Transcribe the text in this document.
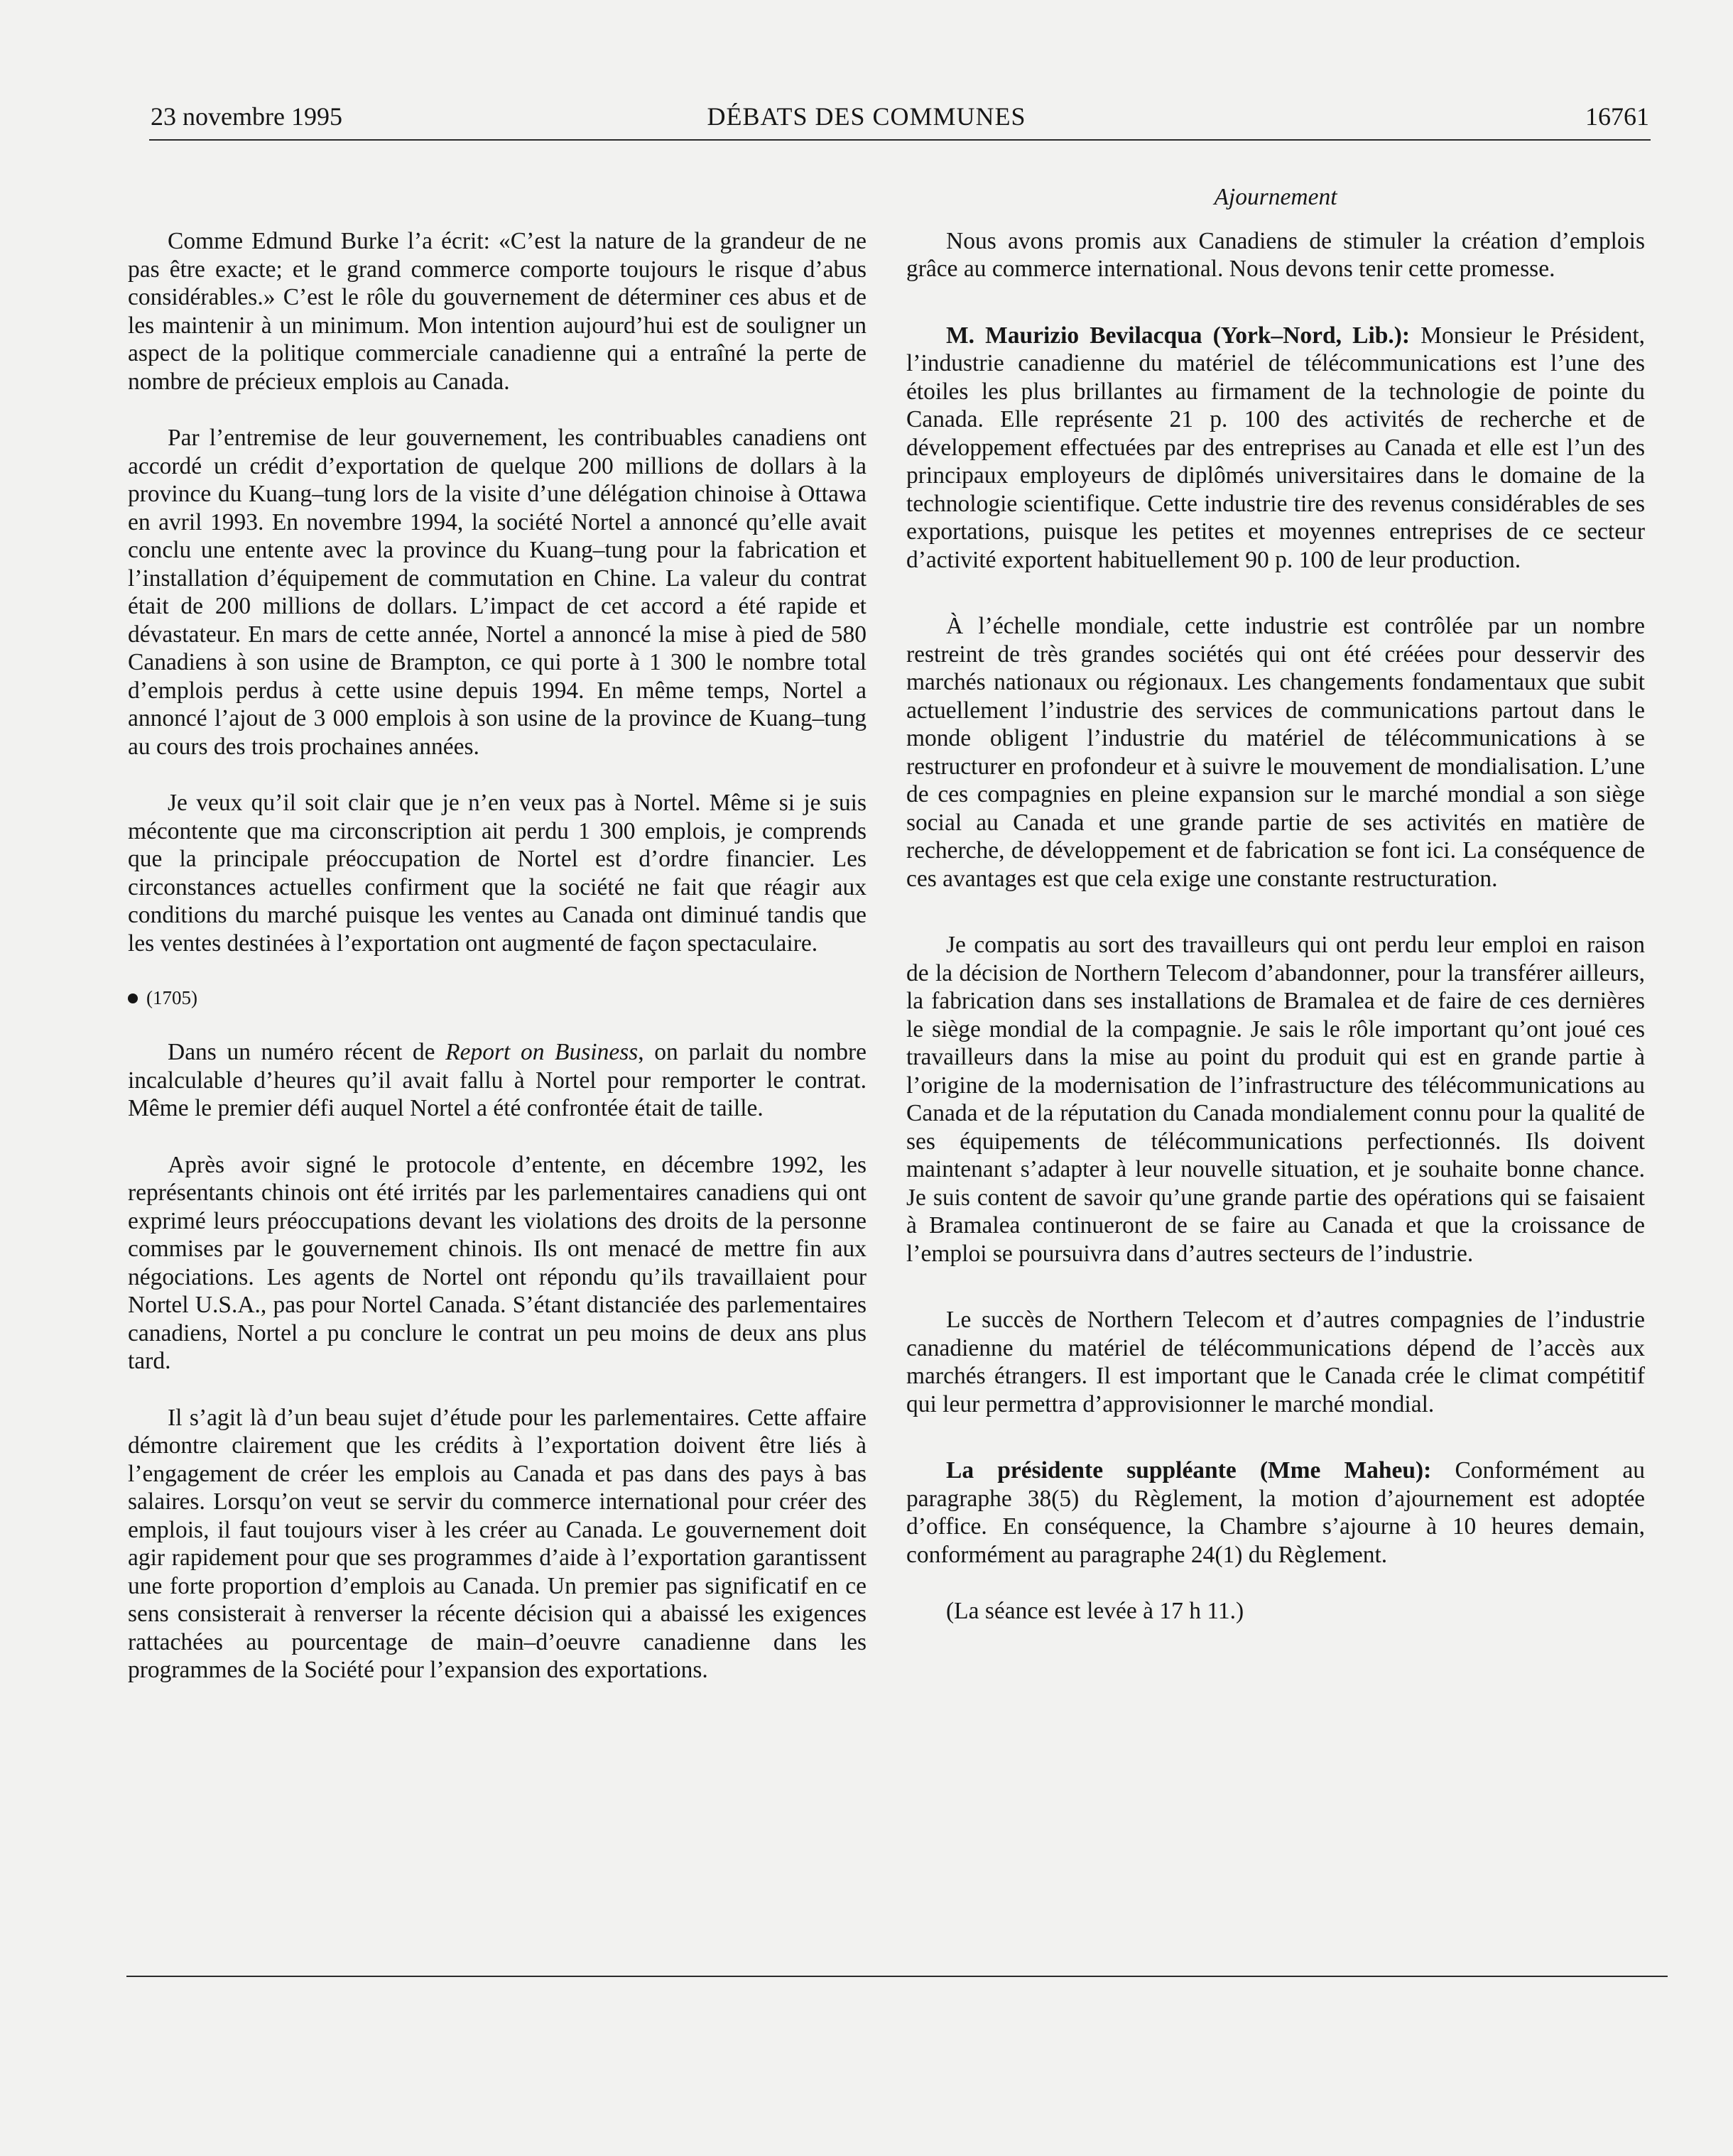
23 novembre 1995	DÉBATS DES COMMUNES	16761

Comme Edmund Burke l’a écrit: «C’est la nature de la grandeur de ne pas être exacte; et le grand commerce comporte toujours le risque d’abus considérables.» C’est le rôle du gouvernement de déterminer ces abus et de les maintenir à un minimum. Mon intention aujourd’hui est de souligner un aspect de la politique commerciale canadienne qui a entraîné la perte de nombre de précieux emplois au Canada.

Par l’entremise de leur gouvernement, les contribuables canadiens ont accordé un crédit d’exportation de quelque 200 millions de dollars à la province du Kuang–tung lors de la visite d’une délégation chinoise à Ottawa en avril 1993. En novembre 1994, la société Nortel a annoncé qu’elle avait conclu une entente avec la province du Kuang–tung pour la fabrication et l’installation d’équipement de commutation en Chine. La valeur du contrat était de 200 millions de dollars. L’impact de cet accord a été rapide et dévastateur. En mars de cette année, Nortel a annoncé la mise à pied de 580 Canadiens à son usine de Brampton, ce qui porte à 1 300 le nombre total d’emplois perdus à cette usine depuis 1994. En même temps, Nortel a annoncé l’ajout de 3 000 emplois à son usine de la province de Kuang–tung au cours des trois prochaines années.

Je veux qu’il soit clair que je n’en veux pas à Nortel. Même si je suis mécontente que ma circonscription ait perdu 1 300 emplois, je comprends que la principale préoccupation de Nortel est d’ordre financier. Les circonstances actuelles confirment que la société ne fait que réagir aux conditions du marché puisque les ventes au Canada ont diminué tandis que les ventes destinées à l’exportation ont augmenté de façon spectaculaire.

(1705)

Dans un numéro récent de Report on Business, on parlait du nombre incalculable d’heures qu’il avait fallu à Nortel pour remporter le contrat. Même le premier défi auquel Nortel a été confrontée était de taille.

Après avoir signé le protocole d’entente, en décembre 1992, les représentants chinois ont été irrités par les parlementaires canadiens qui ont exprimé leurs préoccupations devant les violations des droits de la personne commises par le gouvernement chinois. Ils ont menacé de mettre fin aux négociations. Les agents de Nortel ont répondu qu’ils travaillaient pour Nortel U.S.A., pas pour Nortel Canada. S’étant distanciée des parlementaires canadiens, Nortel a pu conclure le contrat un peu moins de deux ans plus tard.

Il s’agit là d’un beau sujet d’étude pour les parlementaires. Cette affaire démontre clairement que les crédits à l’exportation doivent être liés à l’engagement de créer les emplois au Canada et pas dans des pays à bas salaires. Lorsqu’on veut se servir du commerce international pour créer des emplois, il faut toujours viser à les créer au Canada. Le gouvernement doit agir rapidement pour que ses programmes d’aide à l’exportation garantissent une forte proportion d’emplois au Canada. Un premier pas significatif en ce sens consisterait à renverser la récente décision qui a abaissé les exigences rattachées au pourcentage de main–d’oeuvre canadienne dans les programmes de la Société pour l’expansion des exportations.

Ajournement

Nous avons promis aux Canadiens de stimuler la création d’emplois grâce au commerce international. Nous devons tenir cette promesse.

M. Maurizio Bevilacqua (York–Nord, Lib.): Monsieur le Président, l’industrie canadienne du matériel de télécommunications est l’une des étoiles les plus brillantes au firmament de la technologie de pointe du Canada. Elle représente 21 p. 100 des activités de recherche et de développement effectuées par des entreprises au Canada et elle est l’un des principaux employeurs de diplômés universitaires dans le domaine de la technologie scientifique. Cette industrie tire des revenus considérables de ses exportations, puisque les petites et moyennes entreprises de ce secteur d’activité exportent habituellement 90 p. 100 de leur production.

À l’échelle mondiale, cette industrie est contrôlée par un nombre restreint de très grandes sociétés qui ont été créées pour desservir des marchés nationaux ou régionaux. Les changements fondamentaux que subit actuellement l’industrie des services de communications partout dans le monde obligent l’industrie du matériel de télécommunications à se restructurer en profondeur et à suivre le mouvement de mondialisation. L’une de ces compagnies en pleine expansion sur le marché mondial a son siège social au Canada et une grande partie de ses activités en matière de recherche, de développement et de fabrication se font ici. La conséquence de ces avantages est que cela exige une constante restructuration.

Je compatis au sort des travailleurs qui ont perdu leur emploi en raison de la décision de Northern Telecom d’abandonner, pour la transférer ailleurs, la fabrication dans ses installations de Bramalea et de faire de ces dernières le siège mondial de la compagnie. Je sais le rôle important qu’ont joué ces travailleurs dans la mise au point du produit qui est en grande partie à l’origine de la modernisation de l’infrastructure des télécommunications au Canada et de la réputation du Canada mondialement connu pour la qualité de ses équipements de télécommunications perfectionnés. Ils doivent maintenant s’adapter à leur nouvelle situation, et je souhaite bonne chance. Je suis content de savoir qu’une grande partie des opérations qui se faisaient à Bramalea continueront de se faire au Canada et que la croissance de l’emploi se poursuivra dans d’autres secteurs de l’industrie.

Le succès de Northern Telecom et d’autres compagnies de l’industrie canadienne du matériel de télécommunications dépend de l’accès aux marchés étrangers. Il est important que le Canada crée le climat compétitif qui leur permettra d’approvisionner le marché mondial.

La présidente suppléante (Mme Maheu): Conformément au paragraphe 38(5) du Règlement, la motion d’ajournement est adoptée d’office. En conséquence, la Chambre s’ajourne à 10 heures demain, conformément au paragraphe 24(1) du Règlement.

(La séance est levée à 17 h 11.)
